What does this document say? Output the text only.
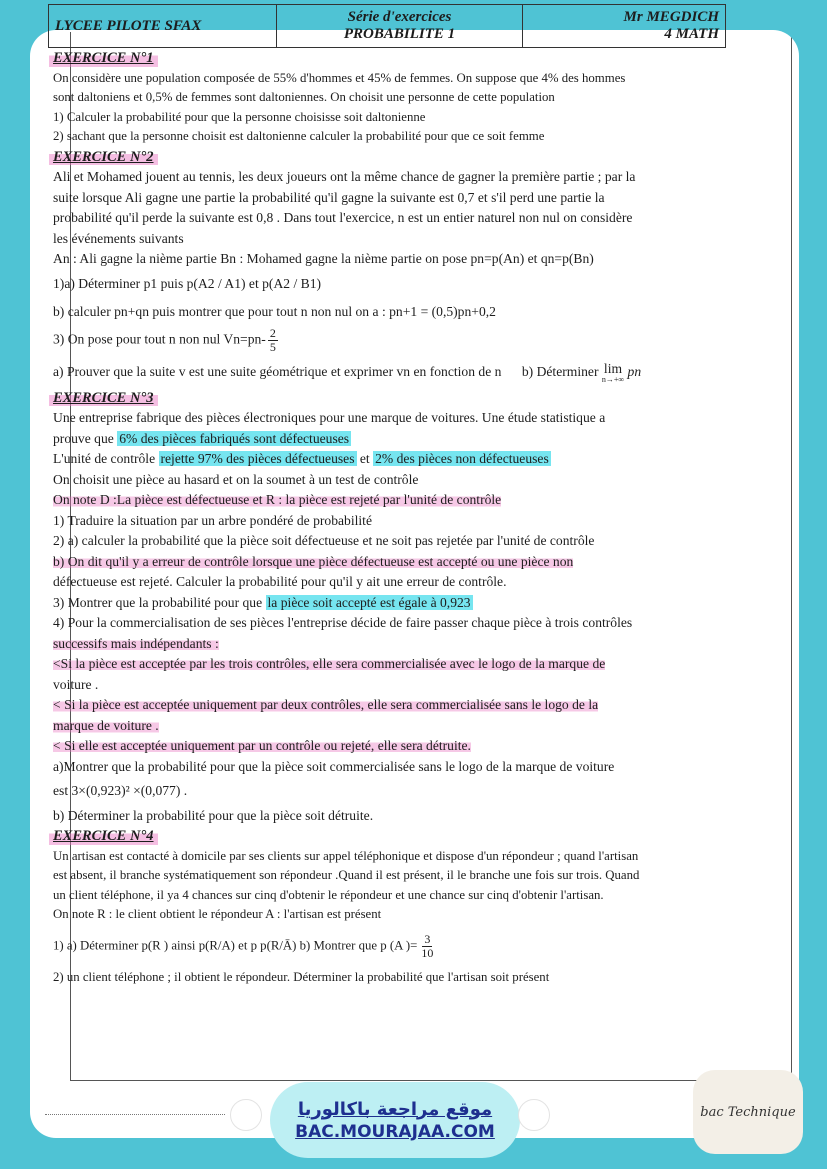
LYCEE PILOTE SFAX
Série d'exercices
PROBABILITE 1
Mr MEGDICH
4 MATH
EXERCICE N°1

On considère une population composée de 55% d'hommes et 45% de femmes. On suppose que 4% des hommes

sont daltoniens et 0,5% de femmes sont daltoniennes. On choisit une personne de cette population

1) Calculer la probabilité pour que la personne choisisse soit daltonienne

2) sachant que la personne choisit est daltonienne calculer la probabilité pour que ce soit femme

EXERCICE N°2

Ali et Mohamed jouent au tennis, les deux joueurs ont la même chance de gagner la première partie ; par la

suite lorsque Ali gagne une partie la probabilité qu'il gagne la suivante est 0,7 et s'il perd une partie la

probabilité qu'il perde la suivante est 0,8 . Dans tout l'exercice, n est un entier naturel non nul on considère

les événements suivants

An : Ali gagne la nième partie Bn : Mohamed gagne la nième partie on pose pn=p(An) et qn=p(Bn)

1)a) Déterminer p1 puis p(A2 / A1) et p(A2 / B1)

b) calculer pn+qn puis montrer que pour tout n non nul on a : pn+1 = (0,5)pn+0,2

3) On pose pour tout n non nul $Vn=pn- \frac{2}{5}$

a) Prouver que la suite v est une suite géométrique et exprimer vn en fonction de n b) Déterminer lim
n→+∞
pn

EXERCICE N°3

Une entreprise fabrique des pièces électroniques pour une marque de voitures. Une étude statistique a

prouve que 6% des pièces fabriqués sont défectueuses

L'unité de contrôle rejette 97% des pièces défectueuses et 2% des pièces non défectueuses

On choisit une pièce au hasard et on la soumet à un test de contrôle

On note D :La pièce est défectueuse et R : la pièce est rejeté par l'unité de contrôle

1) Traduire la situation par un arbre pondéré de probabilité

2) a) calculer la probabilité que la pièce soit défectueuse et ne soit pas rejetée par l'unité de contrôle

b) On dit qu'il y a erreur de contrôle lorsque une pièce défectueuse est accepté ou une pièce non

défectueuse est rejeté. Calculer la probabilité pour qu'il y ait une erreur de contrôle.

3) Montrer que la probabilité pour que la pièce soit accepté est égale à 0,923

4) Pour la commercialisation de ses pièces l'entreprise décide de faire passer chaque pièce à trois contrôles

successifs mais indépendants :

<Si la pièce est acceptée par les trois contrôles, elle sera commercialisée avec le logo de la marque de

voiture .

< Si la pièce est acceptée uniquement par deux contrôles, elle sera commercialisée sans le logo de la

marque de voiture .

< Si elle est acceptée uniquement par un contrôle ou rejeté, elle sera détruite.

a)Montrer que la probabilité pour que la pièce soit commercialisée sans le logo de la marque de voiture

est 3×(0,923)² ×(0,077) .

b) Déterminer la probabilité pour que la pièce soit détruite.

EXERCICE N°4

Un artisan est contacté à domicile par ses clients sur appel téléphonique et dispose d'un répondeur ; quand l'artisan

est absent, il branche systématiquement son répondeur .Quand il est présent, il le branche une fois sur trois. Quand

un client téléphone, il ya 4 chances sur cinq d'obtenir le répondeur et une chance sur cinq d'obtenir l'artisan.

On note R : le client obtient le répondeur A : l'artisan est présent

1) a) Déterminer p(R ) ainsi p(R/A) et p p(R/Ā) b) Montrer que p (A )= $\frac{3}{10}$

2) un client téléphone ; il obtient le répondeur. Déterminer la probabilité que l'artisan soit présent

موقع مراجعة باكالوريا
BAC.MOURAJAA.COM
bac Technique
